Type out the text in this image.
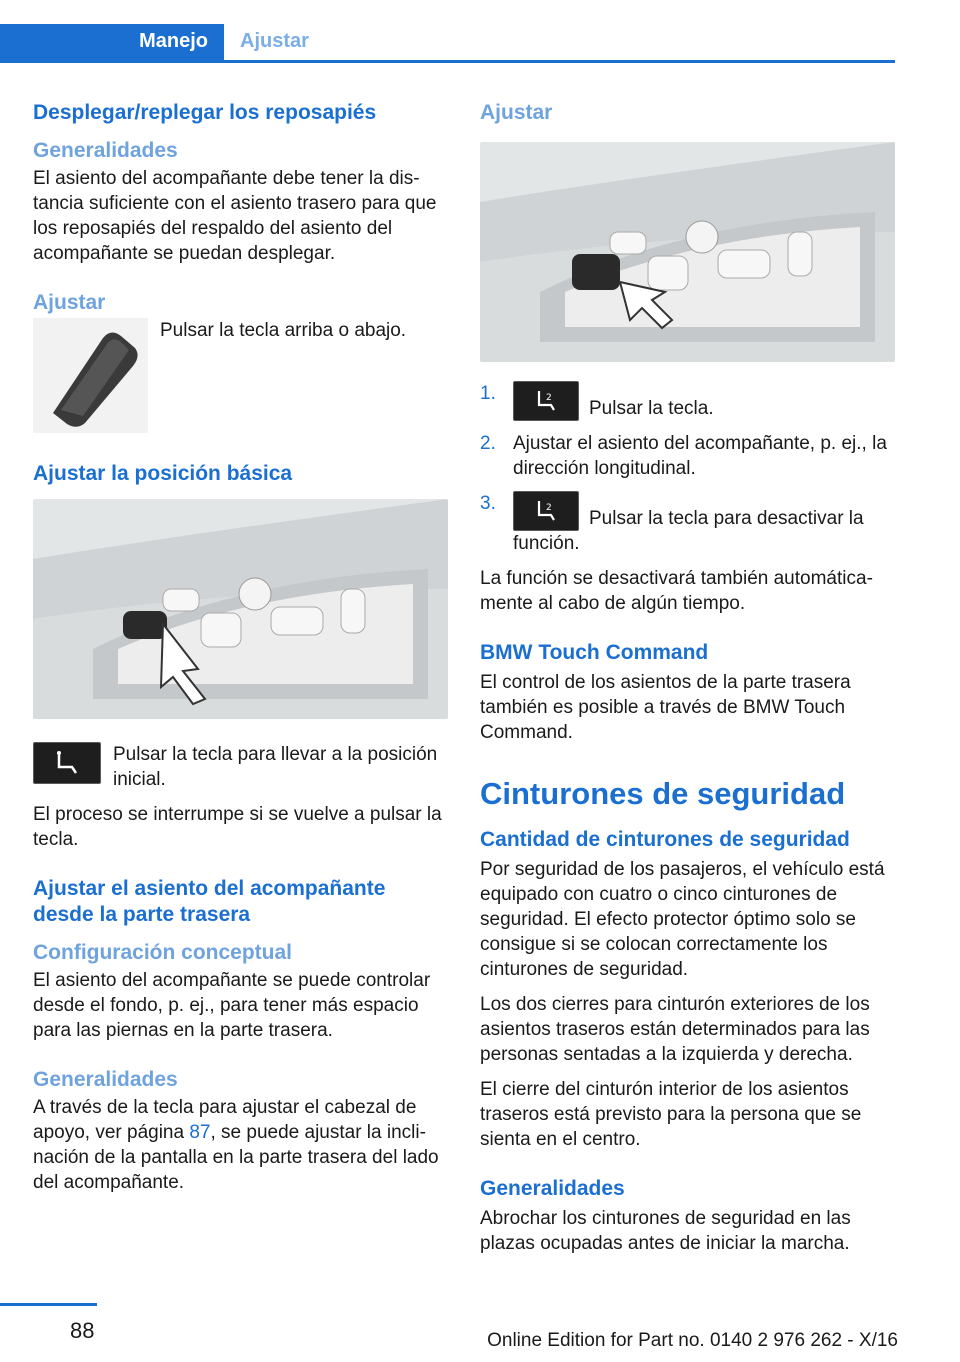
Manejo	Ajustar
Desplegar/replegar los reposapiés
Generalidades

El asiento del acompañante debe tener la distancia suficiente con el asiento trasero para que los reposapiés del respaldo del asiento del acompañante se puedan desplegar.

Ajustar

Pulsar la tecla arriba o abajo.

Ajustar la posición básica

Pulsar la tecla para llevar a la posición inicial.

El proceso se interrumpe si se vuelve a pulsar la tecla.

Ajustar el asiento del acompañante desde la parte trasera
Configuración conceptual

El asiento del acompañante se puede controlar desde el fondo, p. ej., para tener más espacio para las piernas en la parte trasera.

Generalidades

A través de la tecla para ajustar el cabezal de apoyo, ver página 87, se puede ajustar la inclinación de la pantalla en la parte trasera del lado del acompañante.

Ajustar
1.	2 Pulsar la tecla.
2. Ajustar el asiento del acompañante, p. ej., la dirección longitudinal.
3.	2 Pulsar la tecla para desactivar la función.

La función se desactivará también automáticamente al cabo de algún tiempo.

BMW Touch Command

El control de los asientos de la parte trasera también es posible a través de BMW Touch Command.

Cinturones de seguridad
Cantidad de cinturones de seguridad

Por seguridad de los pasajeros, el vehículo está equipado con cuatro o cinco cinturones de seguridad. El efecto protector óptimo solo se consigue si se colocan correctamente los cinturones de seguridad.

Los dos cierres para cinturón exteriores de los asientos traseros están determinados para las personas sentadas a la izquierda y derecha.

El cierre del cinturón interior de los asientos traseros está previsto para la persona que se sienta en el centro.

Generalidades

Abrochar los cinturones de seguridad en las plazas ocupadas antes de iniciar la marcha.

88	Online Edition for Part no. 0140 2 976 262 - X/16
